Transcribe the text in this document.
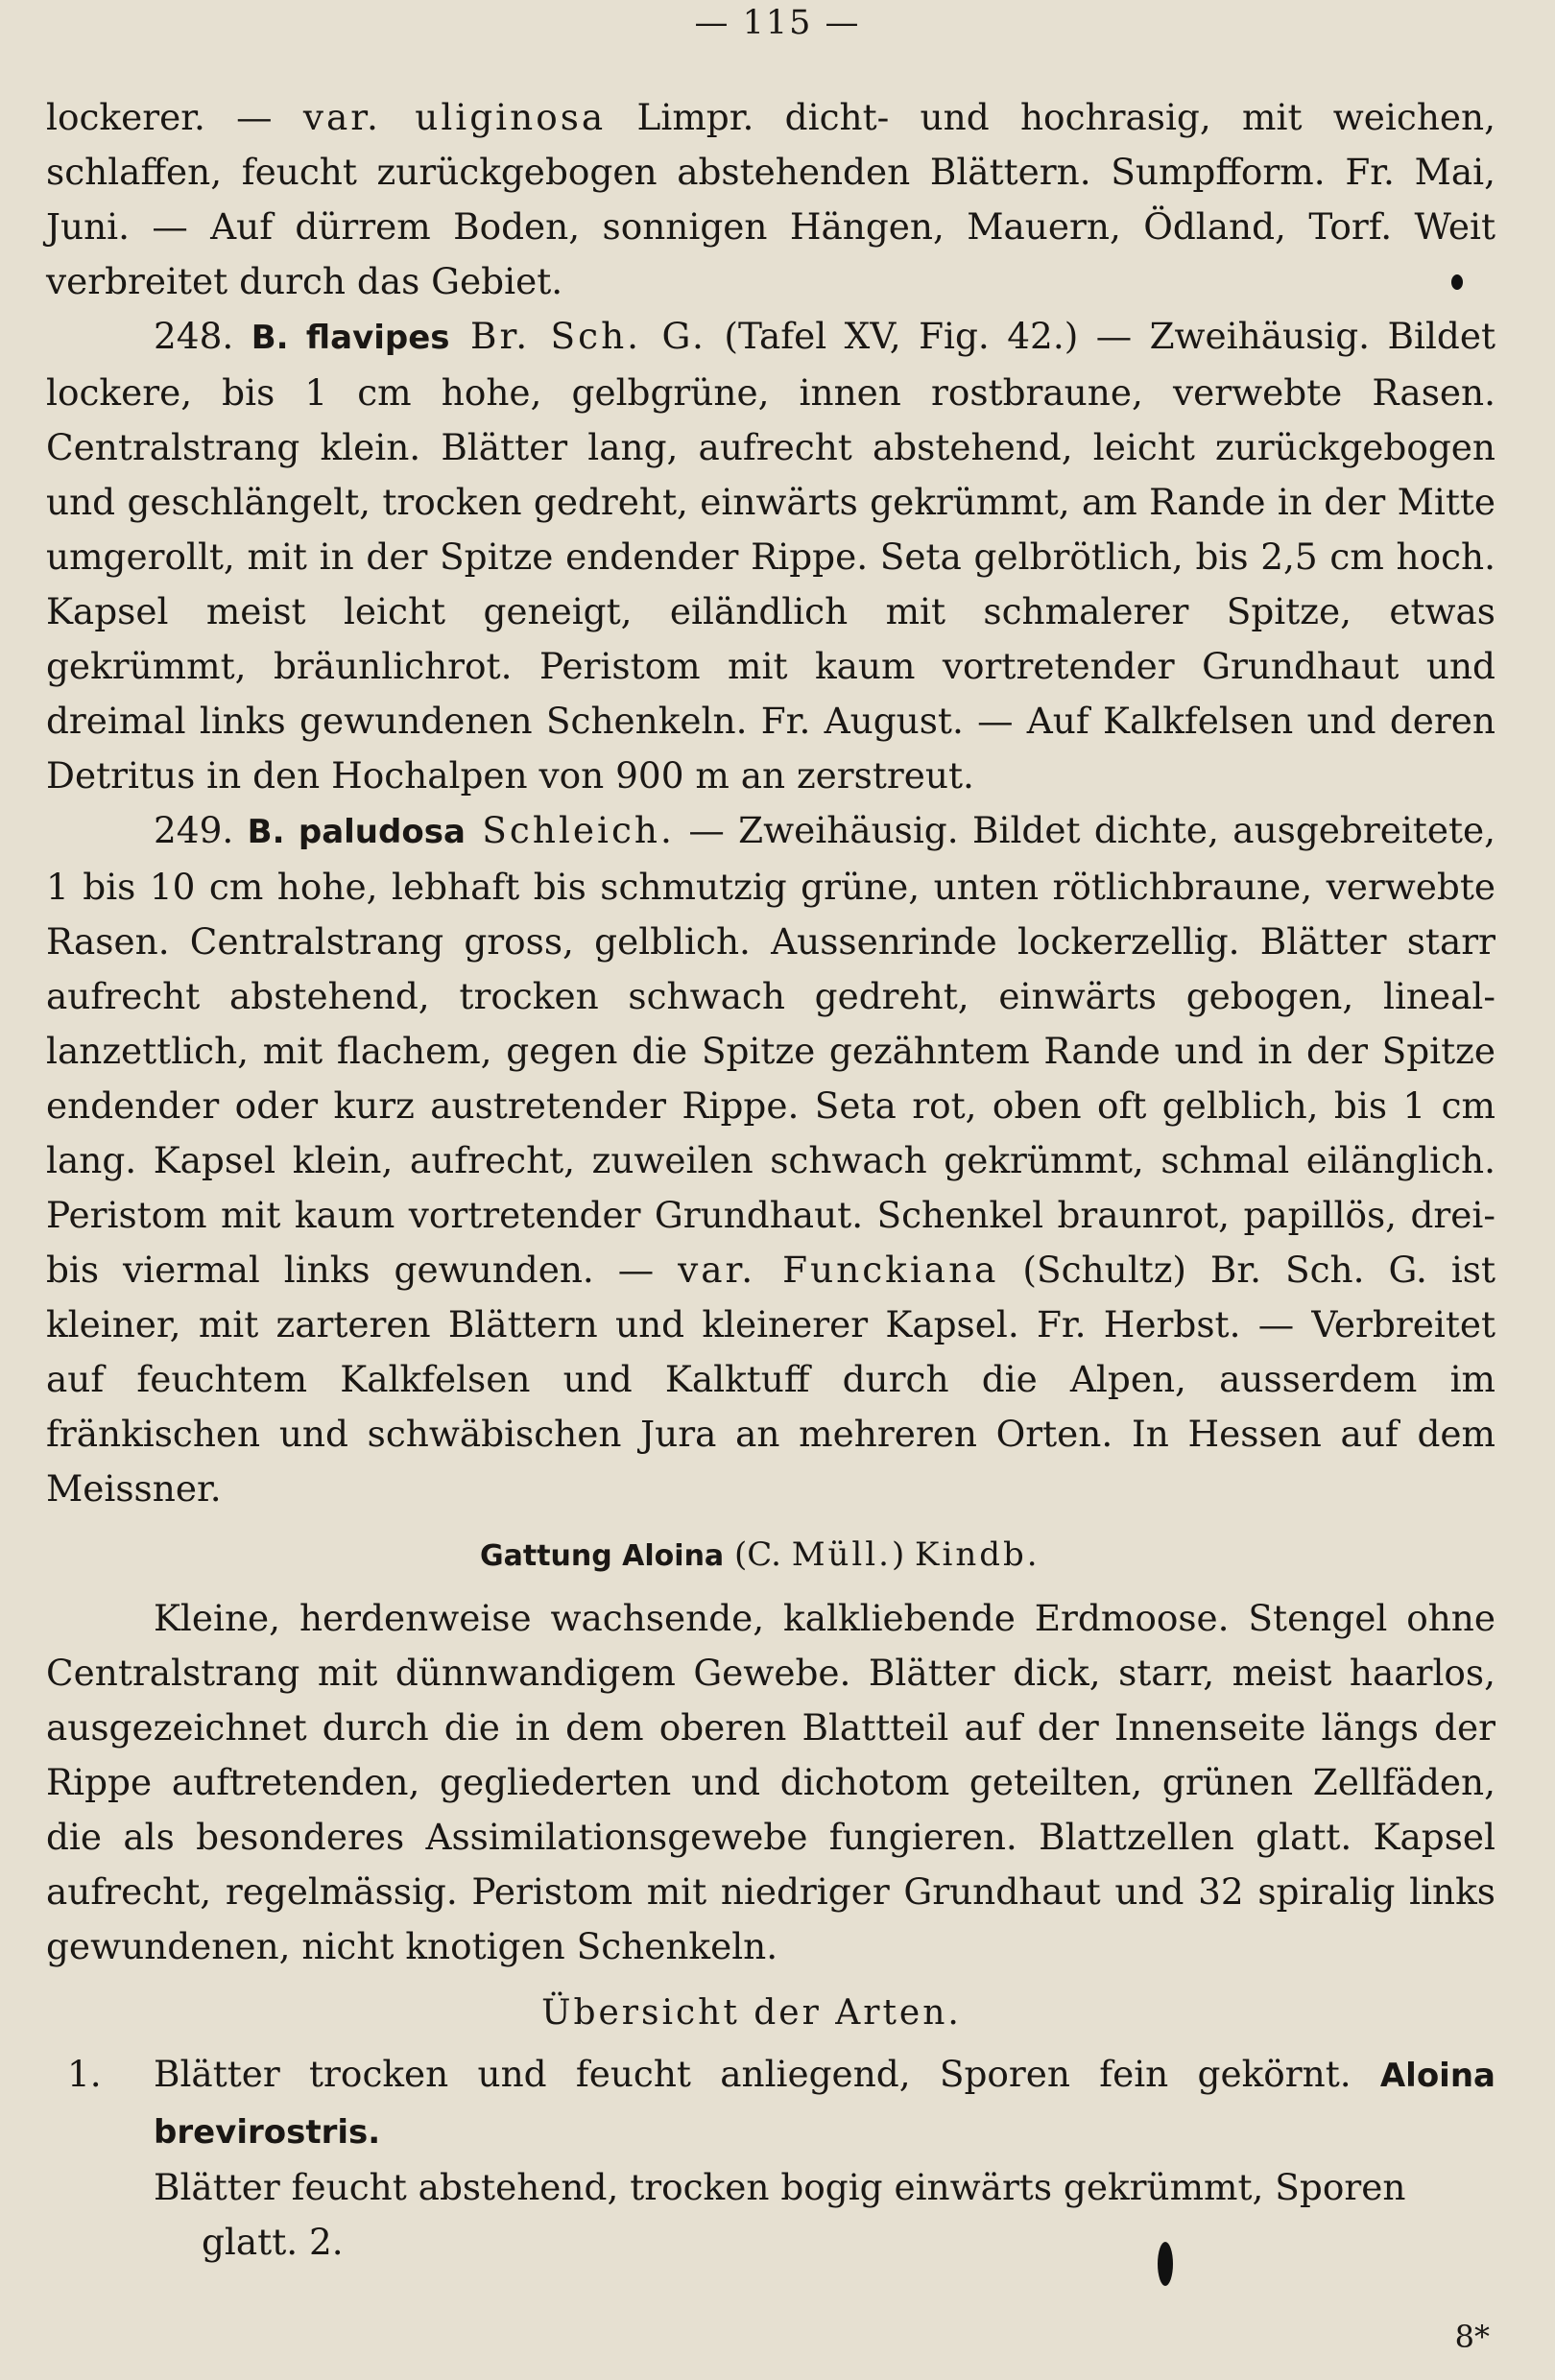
— 115 —

lockerer. — var. uliginosa Limpr. dicht- und hochrasig, mit weichen, schlaffen, feucht zurückgebogen abstehenden Blättern. Sumpfform. Fr. Mai, Juni. — Auf dürrem Boden, sonnigen Hängen, Mauern, Ödland, Torf. Weit verbreitet durch das Gebiet.

248. B. flavipes Br. Sch. G. (Tafel XV, Fig. 42.) — Zweihäusig. Bildet lockere, bis 1 cm hohe, gelbgrüne, innen rostbraune, verwebte Rasen. Centralstrang klein. Blätter lang, aufrecht abstehend, leicht zurückgebogen und geschlängelt, trocken gedreht, einwärts gekrümmt, am Rande in der Mitte umgerollt, mit in der Spitze endender Rippe. Seta gelbrötlich, bis 2,5 cm hoch. Kapsel meist leicht geneigt, eiländlich mit schmalerer Spitze, etwas gekrümmt, bräunlichrot. Peristom mit kaum vortretender Grundhaut und dreimal links gewundenen Schenkeln. Fr. August. — Auf Kalkfelsen und deren Detritus in den Hochalpen von 900 m an zerstreut.

249. B. paludosa Schleich. — Zweihäusig. Bildet dichte, ausgebreitete, 1 bis 10 cm hohe, lebhaft bis schmutzig grüne, unten rötlichbraune, verwebte Rasen. Centralstrang gross, gelblich. Aussenrinde lockerzellig. Blätter starr aufrecht abstehend, trocken schwach gedreht, einwärts gebogen, lineal-lanzettlich, mit flachem, gegen die Spitze gezähntem Rande und in der Spitze endender oder kurz austretender Rippe. Seta rot, oben oft gelblich, bis 1 cm lang. Kapsel klein, aufrecht, zuweilen schwach gekrümmt, schmal eilänglich. Peristom mit kaum vortretender Grundhaut. Schenkel braunrot, papillös, drei- bis viermal links gewunden. — var. Funckiana (Schultz) Br. Sch. G. ist kleiner, mit zarteren Blättern und kleinerer Kapsel. Fr. Herbst. — Verbreitet auf feuchtem Kalkfelsen und Kalktuff durch die Alpen, ausserdem im fränkischen und schwäbischen Jura an mehreren Orten. In Hessen auf dem Meissner.

Gattung Aloina (C. Müll.) Kindb.

Kleine, herdenweise wachsende, kalkliebende Erdmoose. Stengel ohne Centralstrang mit dünnwandigem Gewebe. Blätter dick, starr, meist haarlos, ausgezeichnet durch die in dem oberen Blattteil auf der Innenseite längs der Rippe auftretenden, gegliederten und dichotom geteilten, grünen Zellfäden, die als besonderes Assimilationsgewebe fungieren. Blattzellen glatt. Kapsel aufrecht, regelmässig. Peristom mit niedriger Grundhaut und 32 spiralig links gewundenen, nicht knotigen Schenkeln.

Übersicht der Arten.
1. Blätter trocken und feucht anliegend, Sporen fein gekörnt. Aloina brevirostris.
Blätter feucht abstehend, trocken bogig einwärts gekrümmt, Sporen
glatt. 2.
8*
